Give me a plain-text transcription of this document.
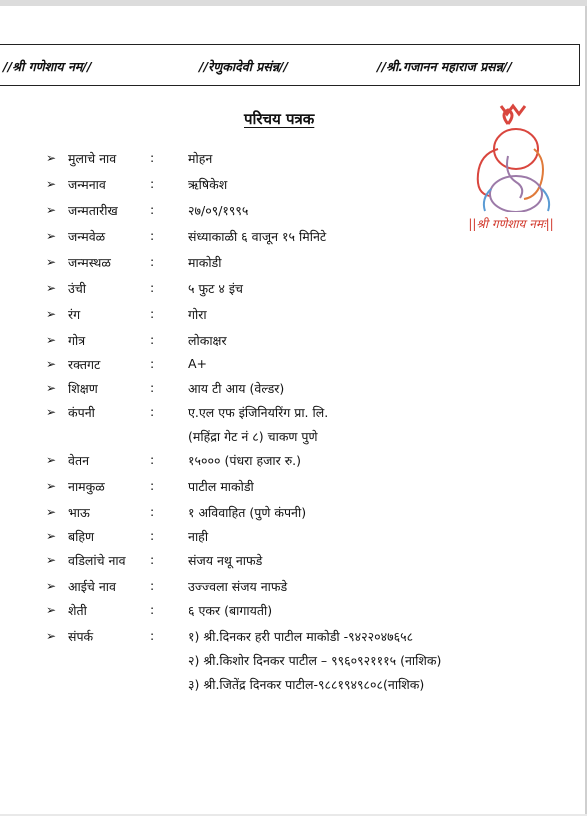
//श्री गणेशाय नम//	//रेणुकादेवी प्रसंन्न//	//श्री.गजानन महाराज प्रसन्न//
परिचय पत्रक
||श्री गणेशाय नमः||
➢ मुलाचे नाव	:	मोहन
➢ जन्मनाव	:	ऋषिकेश
➢ जन्मतारीख	:	२७/०९/१९९५
➢ जन्मवेळ	:	संध्याकाळी ६ वाजून १५ मिनिटे
➢ जन्मस्थळ	:	माकोडी
➢ उंची	:	५ फुट ४ इंच
➢ रंग	:	गोरा
➢ गोत्र	:	लोकाक्षर
➢ रक्तगट	:	A+
➢ शिक्षण	:	आय टी आय (वेल्डर)
➢ कंपनी	:	ए.एल एफ इंजिनियरिंग प्रा. लि.
(महिंद्रा गेट नं ८) चाकण पुणे
➢ वेतन	:	१५००० (पंधरा हजार रु.)
➢ नामकुळ	:	पाटील माकोडी
➢ भाऊ	:	१ अविवाहित (पुणे कंपनी)
➢ बहिण	:	नाही
➢ वडिलांचे नाव :	संजय नथू नाफडे
➢ आईचे नाव	:	उज्ज्वला संजय नाफडे
➢ शेती	:	६ एकर (बागायती)
➢ संपर्क	:	१) श्री.दिनकर हरी पाटील माकोडी -९४२२०४७६५८
२) श्री.किशोर दिनकर पाटील – ९९६०९२१११५ (नाशिक)
३) श्री.जितेंद्र दिनकर पाटील-९८८१९४९८०८(नाशिक)
